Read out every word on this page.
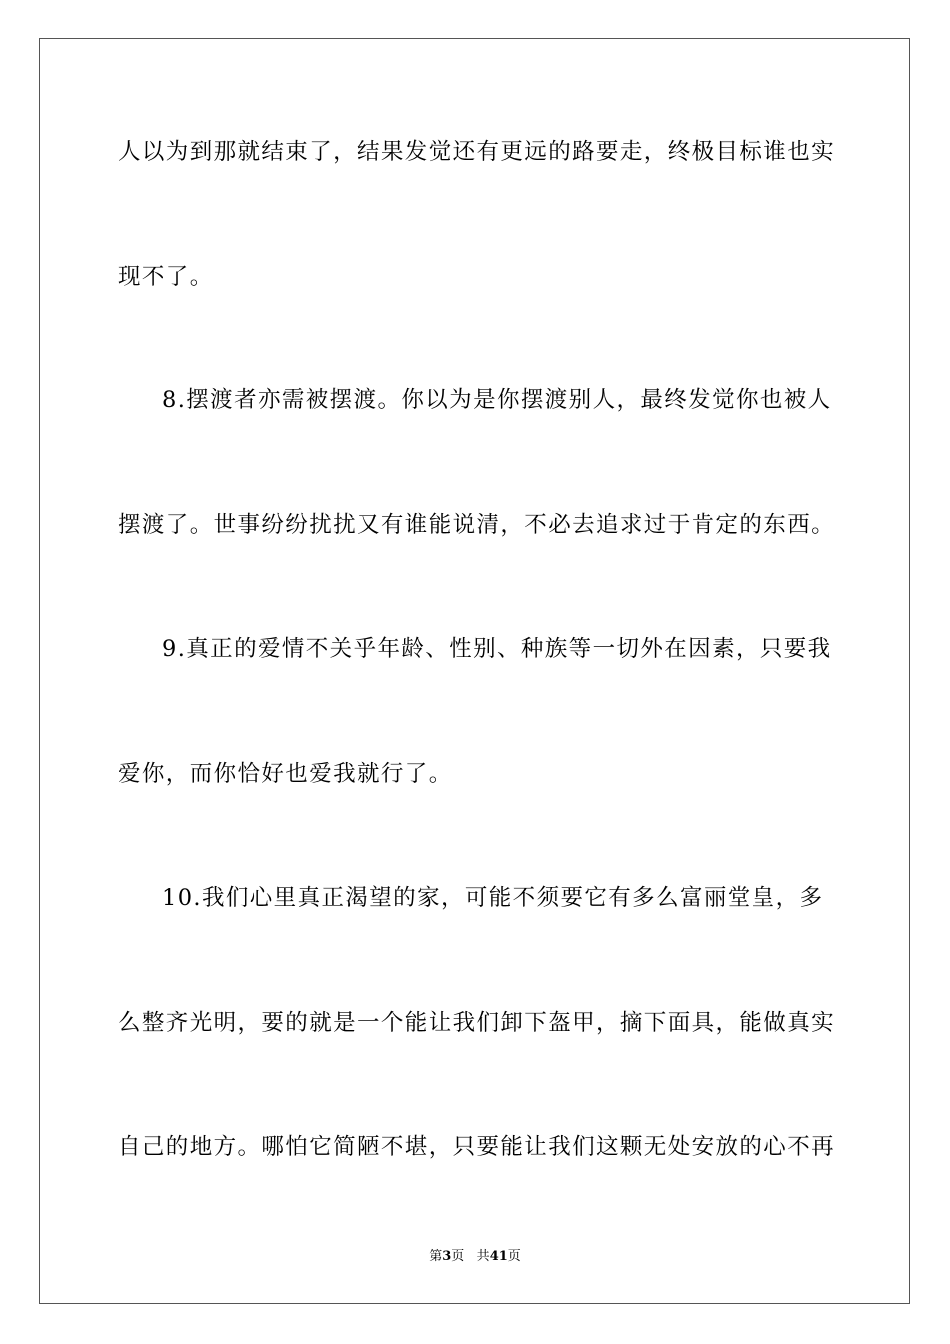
人以为到那就结束了，结果发觉还有更远的路要走，终极目标谁也实
现不了。
8.摆渡者亦需被摆渡。你以为是你摆渡别人，最终发觉你也被人
摆渡了。世事纷纷扰扰又有谁能说清，不必去追求过于肯定的东西。
9.真正的爱情不关乎年龄、性别、种族等一切外在因素，只要我
爱你，而你恰好也爱我就行了。
10.我们心里真正渴望的家，可能不须要它有多么富丽堂皇，多
么整齐光明，要的就是一个能让我们卸下盔甲，摘下面具，能做真实
自己的地方。哪怕它简陋不堪，只要能让我们这颗无处安放的心不再
第3页 共41页
